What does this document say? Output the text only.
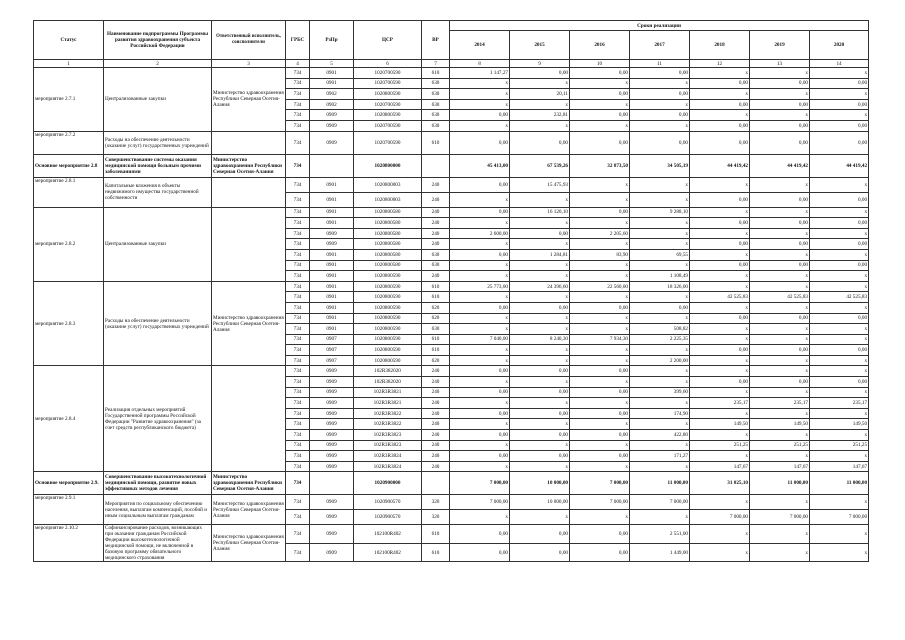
Статус	Наименование подпрограммы Программы развития здравоохранения субъекта Российской Федерации	Ответственный исполнитель, соисполнители	ГРБС	РзПр	ЦСР	ВР	Сроки реализации						
							2014	2015	2016	2017	2018	2019	2020
1	2	3	4	5	6	7	8	9	10	11	12	13	14
мероприятие 2.7.1	Централизованные закупки	Министерство здравоохранения Республики Северная Осетия-Алания	734	0901	1020700590	610	1 147,27	0,00	0,00	0,00	x	x	x
			734	0901	1020700590	630	x	x	x	x	0,00	0,00	0,00
			734	0902	1020800590	630	x	20,11	0,00	0,00	x	x	x
			734	0902	1020700590	630	x	x	x	x	0,00	0,00	0,00
			734	0909	1020800590	630	0,00	232,81	0,00	0,00	x	x	x
			734	0909	1020700590	630	x	x	x	x	0,00	0,00	0,00
мероприятие 2.7.2	Расходы на обеспечение деятельности (оказание услуг) государственных учреждений		734	0909	1020700590	610	0,00	0,00	0,00	0,00	0,00	0,00	0,00
Основное мероприятие 2.8	Совершенствование системы оказания медицинской помощи больным прочими заболеваниями	Министерство здравоохранения Республики Северная Осетия-Алания	734		1020800000		45 413,00	67 539,26	32 873,50	34 505,19	44 419,42	44 419,42	44 419,42
мероприятие 2.8.1	Капитальные вложения в объекты недвижимого имущества государственной собственности		734	0901	1020800003	240	0,00	15 475,93	x	x	x	x	x
			734	0901	1020800003	240	x	x	x	x	0,00	0,00	0,00
мероприятие 2.8.2	Централизованные закупки		734	0901	1020800580	240	0,00	16 120,10	0,00	9 288,10	x	x	x
			734	0901	1020800580	240	x	x	x	x	0,00	0,00	0,00
			734	0909	1020800580	240	2 600,00	0,00	2 205,60	x	x	x	x
			734	0909	1020800580	240	x	x	x	x	0,00	0,00	0,00
			734	0901	1020800580	630	0,00	1 284,81	83,90	69,55	x	x	x
			734	0901	1020800580	630	x	x	x	x	0,00	0,00	0,00
			734	0901	1020800590	240	x	x	x	1 108,49	x	x	x
мероприятие 2.8.3	Расходы на обеспечение деятельности (оказание услуг) государственных учреждений	Министерство здравоохранения Республики Северная Осетия-Алания	734	0901	1020800590	610	25 773,00	24 396,60	22 560,00	18 326,00	x	x	x
			734	0901	1020800590	610	x	x	x	x	42 525,83	42 525,83	42 525,83
			734	0901	1020800590	620	0,00	0,00	0,00	0,00	x	x	x
			734	0901	1020800590	620	x	x	x	x	0,00	0,00	0,00
			734	0901	1020800590	630	x	x	x	508,82	x	x	x
			734	0907	1020800590	610	7 040,00	8 240,30	7 934,30	2 225,35	x	x	x
			734	0907	1020800590	610	x	x	x	x	0,00	0,00	0,00
			734	0907	1020800590	620	x	x	x	2 200,00	x	x	x
мероприятие 2.8.4	Реализация отдельных мероприятий Государственной программы Российской Федерации "Развитие здравоохранения" (за счет средств республиканского бюджета)		734	0909	102R382020	240	0,00	0,00	0,00	x	x	x	x
			734	0909	102R382020	240	x	x	x	x	0,00	0,00	0,00
			734	0909	102R3R3821	240	0,00	0,00	0,00	399,60	x	x	x
			734	0909	102R3R3821	240	x	x	x	x	235,17	235,17	235,17
			734	0909	102R3R3822	240	0,00	0,00	0,00	174,90	x	x	x
			734	0909	102R3R3822	240	x	x	x	x	149,50	149,50	149,50
			734	0909	102R3R3823	240	0,00	0,00	0,00	422,80	x	x	x
			734	0909	102R3R3823	240	x	x	x	x	251,25	251,25	251,25
			734	0909	102R3R3824	240	0,00	0,00	0,00	171,27	x	x	x
			734	0909	102R3R3824	240	x	x	x	x	147,67	147,67	147,67
Основное мероприятие 2.9.	Совершенствование высокотехнологичной медицинской помощи, развитие новых эффективных методов лечения	Министерство здравоохранения Республики Северная Осетия-Алания	734		1020900000		7 000,00	10 000,00	7 000,00	11 000,00	31 025,10	11 000,00	11 000,00
мероприятие 2.9.1	Мероприятия по социальному обеспечению населения, выплатам компенсаций, пособий и иным социальным выплатам гражданам	Министерство здравоохранения Республики Северная Осетия-Алания	734	0909	1020900570	320	7 000,00	10 000,00	7 000,00	7 000,00	x	x	x
			734	0909	1020900570	320	x	x	x	x	7 000,00	7 000,00	7 000,00
мероприятие 2.10.2	Софинансирование расходов, возникающих при оказании гражданам Российской Федерации высокотехнологичной медицинской помощи, не включенной в базовую программу обязательного медицинского страхования	Министерство здравоохранения Республики Северная Осетия-Алания	734	0909	102100R402	610	0,00	0,00	0,00	2 551,00	x	x	x
			734	0909	102100R402	610	0,00	0,00	0,00	1 449,00	x	x	x
